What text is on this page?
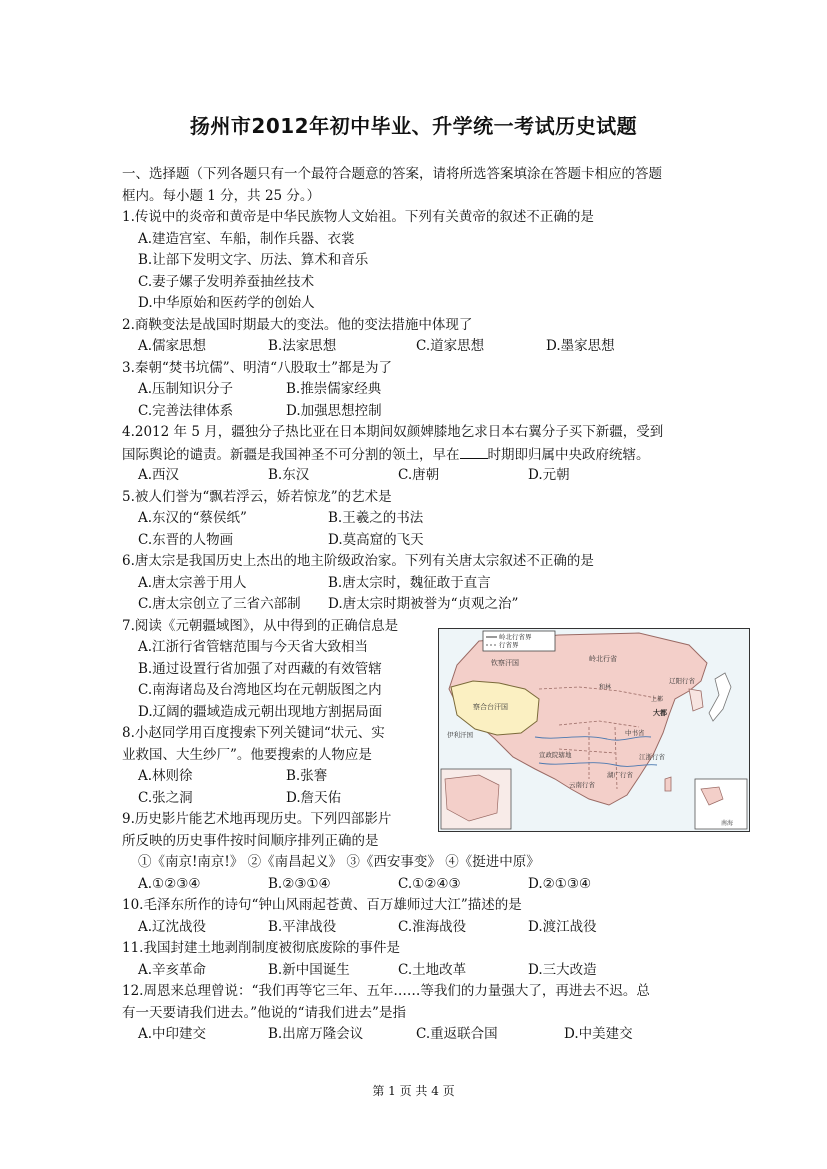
扬州市2012年初中毕业、升学统一考试历史试题
一、选择题（下列各题只有一个最符合题意的答案，请将所选答案填涂在答题卡相应的答题
框内。每小题 1 分，共 25 分。）
1.传说中的炎帝和黄帝是中华民族物人文始祖。下列有关黄帝的叙述不正确的是
A.建造宫室、车船，制作兵器、衣裳
B.让部下发明文字、历法、算术和音乐
C.妻子嫘子发明养蚕抽丝技术
D.中华原始和医药学的创始人
2.商鞅变法是战国时期最大的变法。他的变法措施中体现了
A.儒家思想	B.法家思想	C.道家思想	D.墨家思想
3.秦朝“焚书坑儒”、明清“八股取士”都是为了
A.压制知识分子	B.推崇儒家经典
C.完善法律体系	D.加强思想控制
4.2012 年 5 月，疆独分子热比亚在日本期间奴颜婢膝地乞求日本右翼分子买下新疆，受到
国际舆论的谴责。新疆是我国神圣不可分割的领土，早在 时期即归属中央政府统辖。
A.西汉	B.东汉	C.唐朝	D.元朝
5.被人们誉为“飘若浮云，娇若惊龙”的艺术是
A.东汉的“蔡侯纸”	B.王羲之的书法
C.东晋的人物画	D.莫高窟的飞天
6.唐太宗是我国历史上杰出的地主阶级政治家。下列有关唐太宗叙述不正确的是
A.唐太宗善于用人	B.唐太宗时，魏征敢于直言
C.唐太宗创立了三省六部制 D.唐太宗时期被誉为“贞观之治”
7.阅读《元朝疆域图》，从中得到的正确信息是
A.江浙行省管辖范围与今天省大致相当
B.通过设置行省加强了对西藏的有效管辖
C.南海诸岛及台湾地区均在元朝版图之内
D.辽阔的疆域造成元朝出现地方割据局面
8.小赵同学用百度搜索下列关键词“状元、实
业救国、大生纱厂”。他要搜索的人物应是
A.林则徐	B.张謇
C.张之洞	D.詹天佑
9.历史影片能艺术地再现历史。下列四部影片
所反映的历史事件按时间顺序排列正确的是
①《南京!南京!》 ②《南昌起义》 ③《西安事变》 ④《挺进中原》
A.①②③④	B.②③①④	C.①②④③	D.②①③④
10.毛泽东所作的诗句“钟山风雨起苍黄、百万雄师过大江”描述的是
A.辽沈战役	B.平津战役	C.淮海战役	D.渡江战役
11.我国封建土地剥削制度被彻底废除的事件是
A.辛亥革命	B.新中国诞生	C.土地改革	D.三大改造
12.周恩来总理曾说：“我们再等它三年、五年……等我们的力量强大了，再进去不迟。总
有一天要请我们进去。”他说的“请我们进去”是指
A.中印建交	B.出席万隆会议	C.重返联合国	D.中美建交
岭北行省界
行省界
钦察汗国	岭北行省
察合台汗国
伊利汗国
大都
上都
和林
辽阳行省
中书省
宣政院辖地
云南行省
湖广行省
江浙行省
南海
第 1 页 共 4 页
